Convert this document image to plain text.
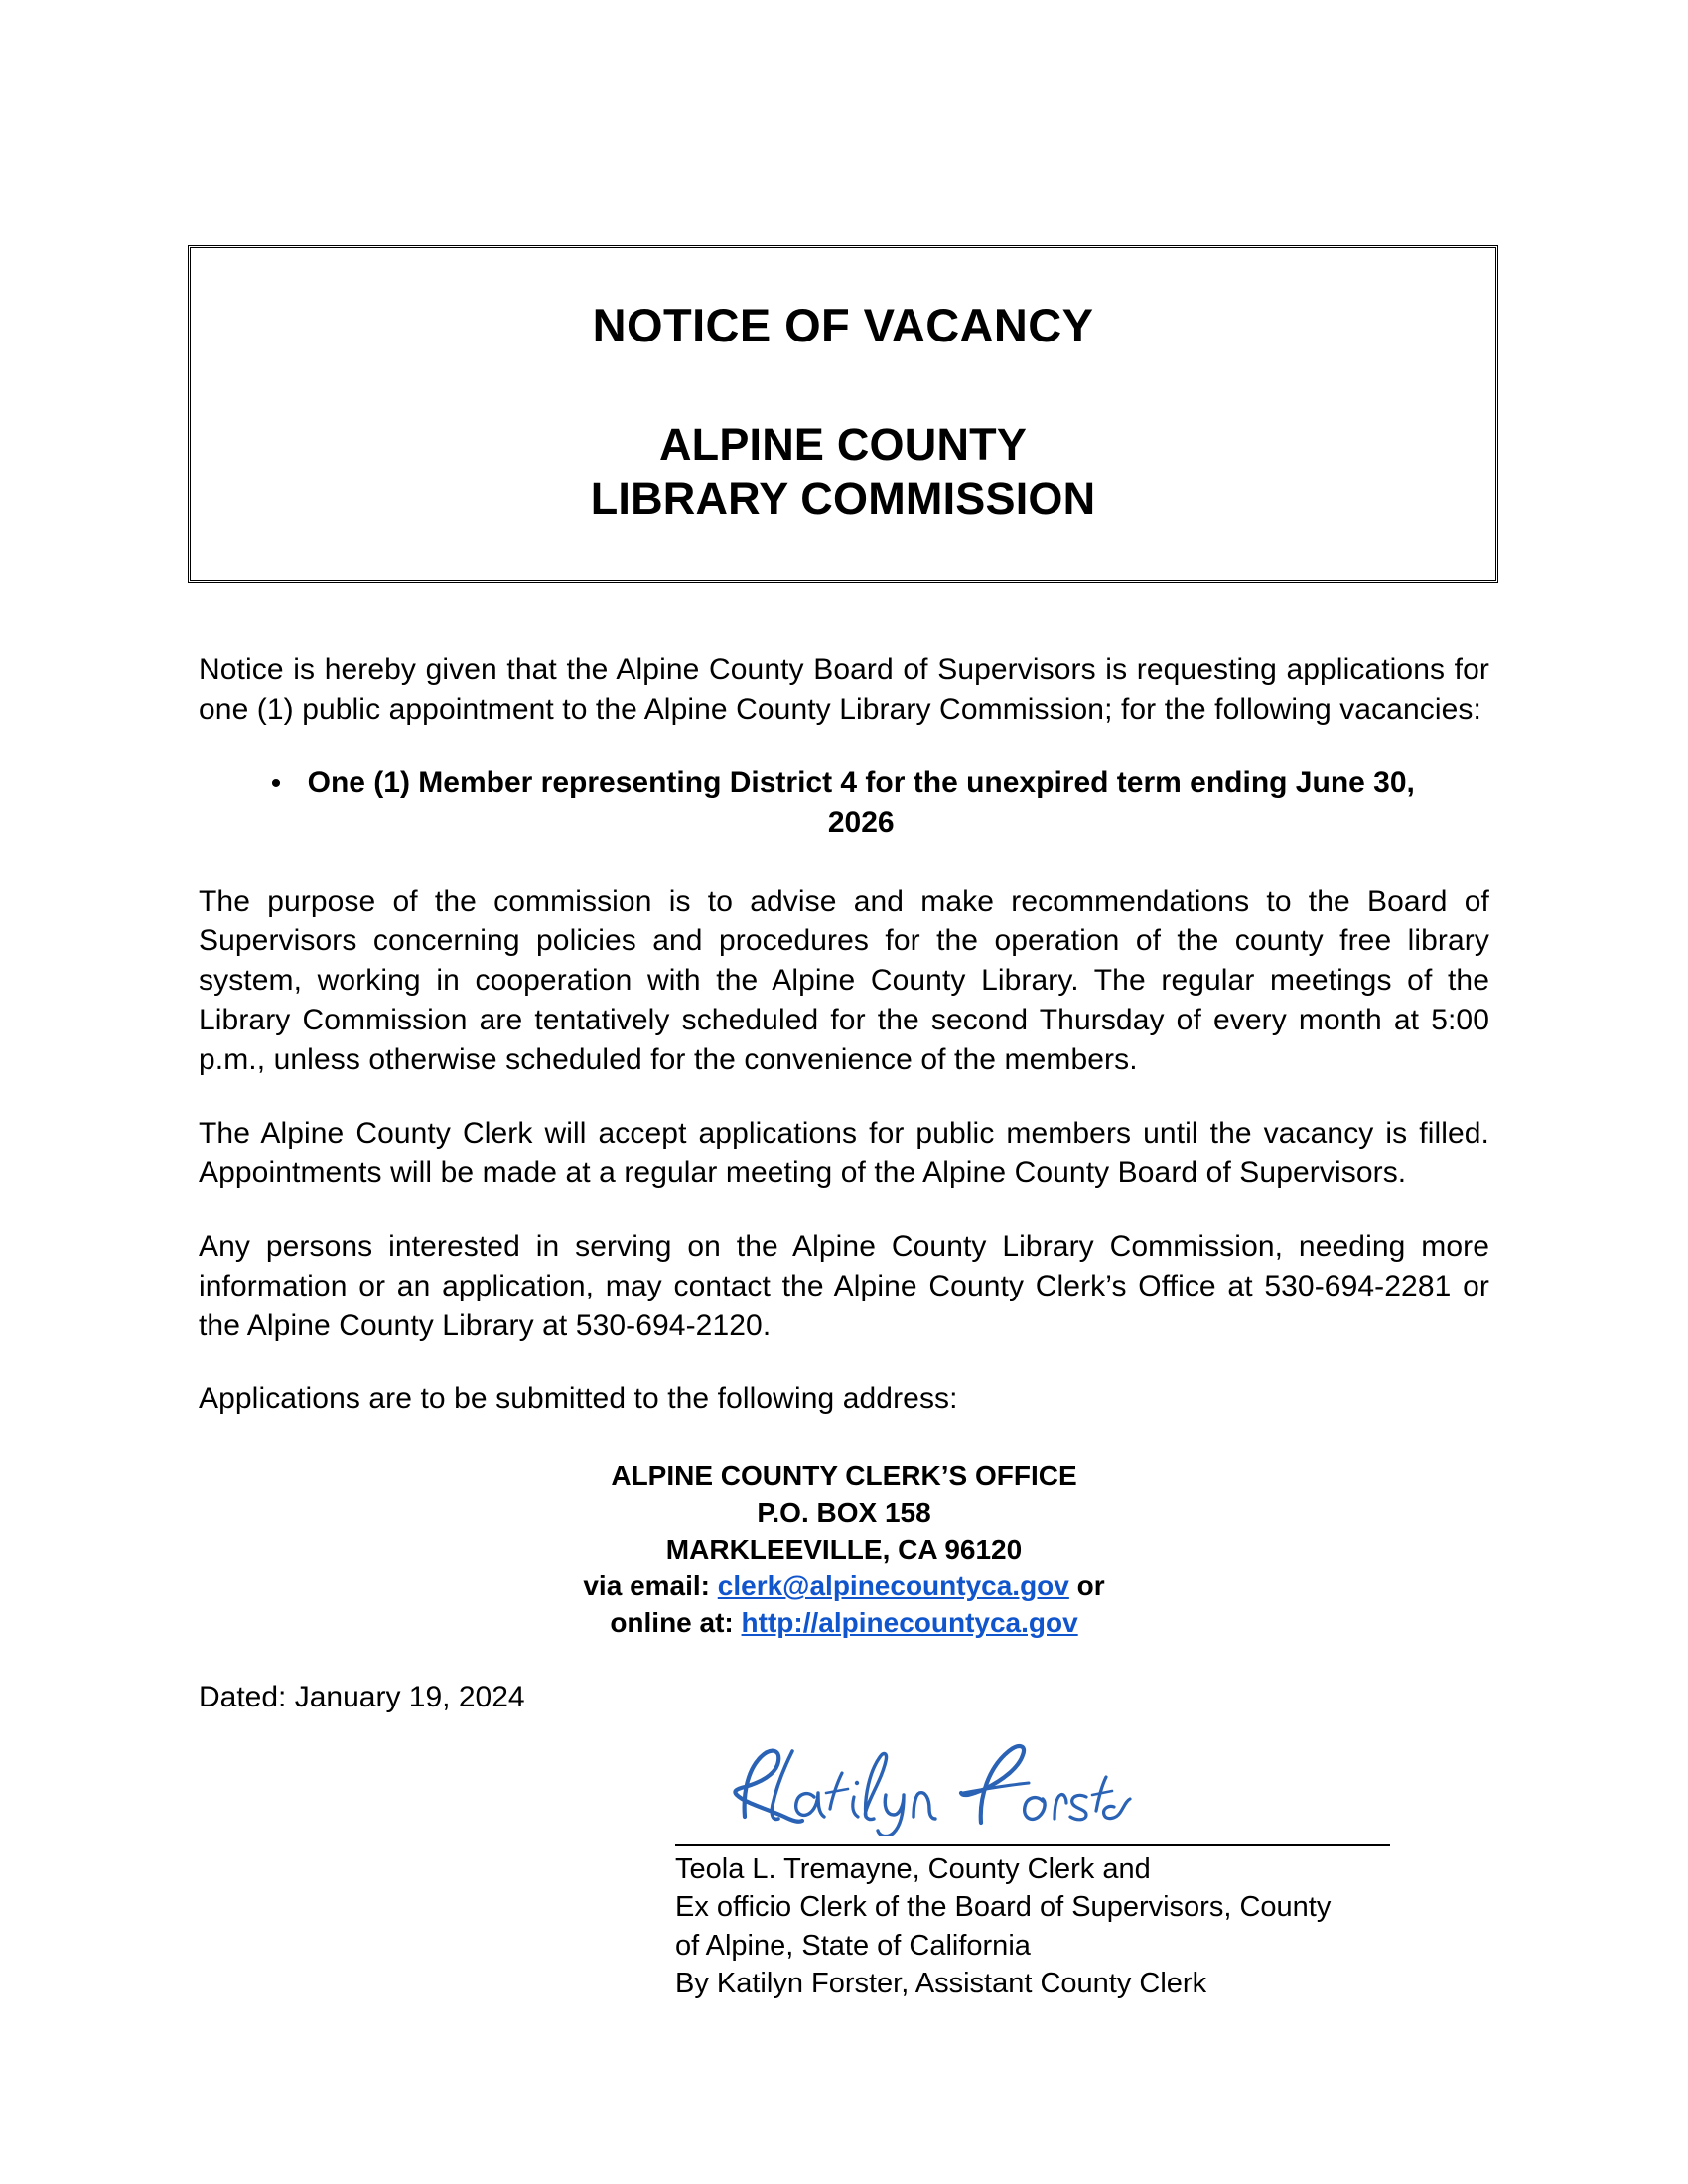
NOTICE OF VACANCY
ALPINE COUNTY
LIBRARY COMMISSION

Notice is hereby given that the Alpine County Board of Supervisors is requesting applications for one (1) public appointment to the Alpine County Library Commission; for the following vacancies:

• One (1) Member representing District 4 for the unexpired term ending June 30, 2026

The purpose of the commission is to advise and make recommendations to the Board of Supervisors concerning policies and procedures for the operation of the county free library system, working in cooperation with the Alpine County Library. The regular meetings of the Library Commission are tentatively scheduled for the second Thursday of every month at 5:00 p.m., unless otherwise scheduled for the convenience of the members.

The Alpine County Clerk will accept applications for public members until the vacancy is filled. Appointments will be made at a regular meeting of the Alpine County Board of Supervisors.

Any persons interested in serving on the Alpine County Library Commission, needing more information or an application, may contact the Alpine County Clerk’s Office at 530-694-2281 or the Alpine County Library at 530-694-2120.

Applications are to be submitted to the following address:

ALPINE COUNTY CLERK’S OFFICE
P.O. BOX 158
MARKLEEVILLE, CA 96120
via email: clerk@alpinecountyca.gov or
online at: http://alpinecountyca.gov
Dated: January 19, 2024
Teola L. Tremayne, County Clerk and
Ex officio Clerk of the Board of Supervisors, County
of Alpine, State of California
By Katilyn Forster, Assistant County Clerk
